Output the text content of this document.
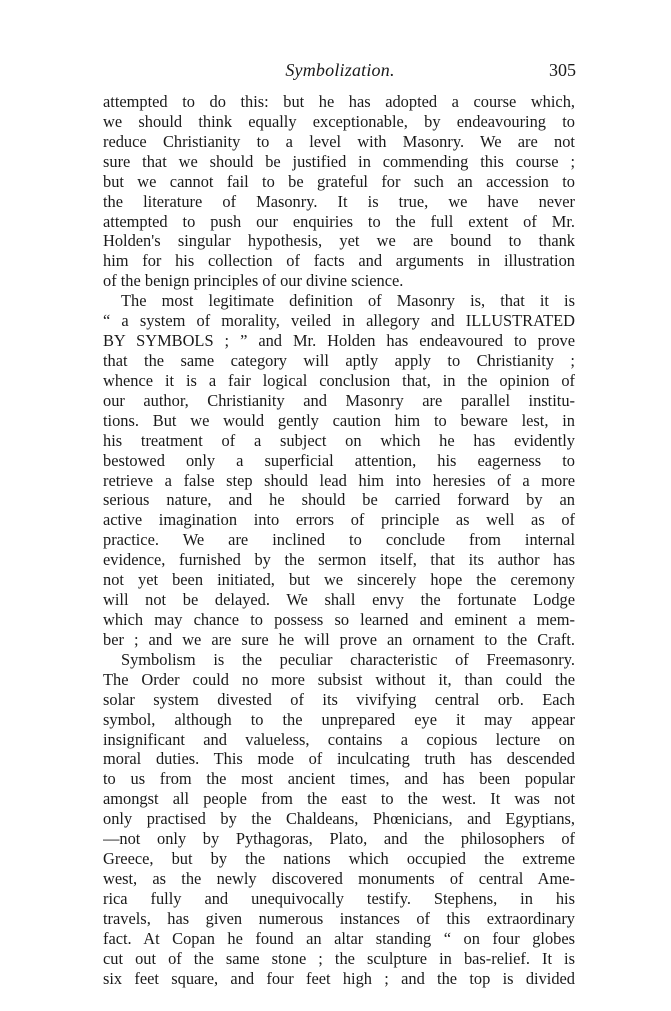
Symbolization.	305
attempted to do this: but he has adopted a course which,
we should think equally exceptionable, by endeavouring to
reduce Christianity to a level with Masonry. We are not
sure that we should be justified in commending this course ;
but we cannot fail to be grateful for such an accession to
the literature of Masonry. It is true, we have never
attempted to push our enquiries to the full extent of Mr.
Holden's singular hypothesis, yet we are bound to thank
him for his collection of facts and arguments in illustration
of the benign principles of our divine science.
The most legitimate definition of Masonry is, that it is
“ a system of morality, veiled in allegory and ILLUSTRATED
BY SYMBOLS ; ” and Mr. Holden has endeavoured to prove
that the same category will aptly apply to Christianity ;
whence it is a fair logical conclusion that, in the opinion of
our author, Christianity and Masonry are parallel institu-
tions. But we would gently caution him to beware lest, in
his treatment of a subject on which he has evidently
bestowed only a superficial attention, his eagerness to
retrieve a false step should lead him into heresies of a more
serious nature, and he should be carried forward by an
active imagination into errors of principle as well as of
practice. We are inclined to conclude from internal
evidence, furnished by the sermon itself, that its author has
not yet been initiated, but we sincerely hope the ceremony
will not be delayed. We shall envy the fortunate Lodge
which may chance to possess so learned and eminent a mem-
ber ; and we are sure he will prove an ornament to the Craft.
Symbolism is the peculiar characteristic of Freemasonry.
The Order could no more subsist without it, than could the
solar system divested of its vivifying central orb. Each
symbol, although to the unprepared eye it may appear
insignificant and valueless, contains a copious lecture on
moral duties. This mode of inculcating truth has descended
to us from the most ancient times, and has been popular
amongst all people from the east to the west. It was not
only practised by the Chaldeans, Phœnicians, and Egyptians,
—not only by Pythagoras, Plato, and the philosophers of
Greece, but by the nations which occupied the extreme
west, as the newly discovered monuments of central Ame-
rica fully and unequivocally testify. Stephens, in his
travels, has given numerous instances of this extraordinary
fact. At Copan he found an altar standing “ on four globes
cut out of the same stone ; the sculpture in bas-relief. It is
six feet square, and four feet high ; and the top is divided
